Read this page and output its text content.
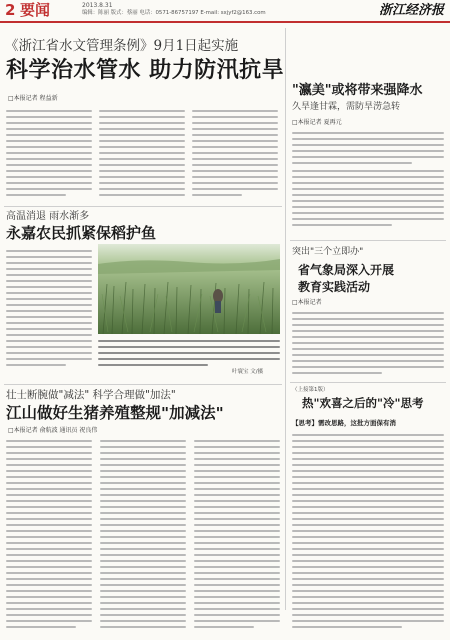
2 要闻	2013.8.31
编辑：陈丽 版式：蔡丽 电话：0571-86757197 E-mail: sxjyf2@163.com	浙江经济报
《浙江省水文管理条例》9月1日起实施
科学治水管水 助力防汛抗旱
□本报记者 程益新
"瀛美"或将带来强降水
久旱逢甘霖，需防旱涝急转
□本报记者 夏再元
高温消退 雨水渐多
永嘉农民抓紧保稻护鱼
叶寰宝 文/摄
突出"三个立即办"
省气象局深入开展
教育实践活动
□本报记者
（上接第1版）
热"欢喜之后的"冷"思考
【思考】 需改思路，这批方面保有消
壮士断腕做"减法" 科学合理做"加法"
江山做好生猪养殖整规"加减法"
□本报记者 俞航波 通讯员 祝良伟
